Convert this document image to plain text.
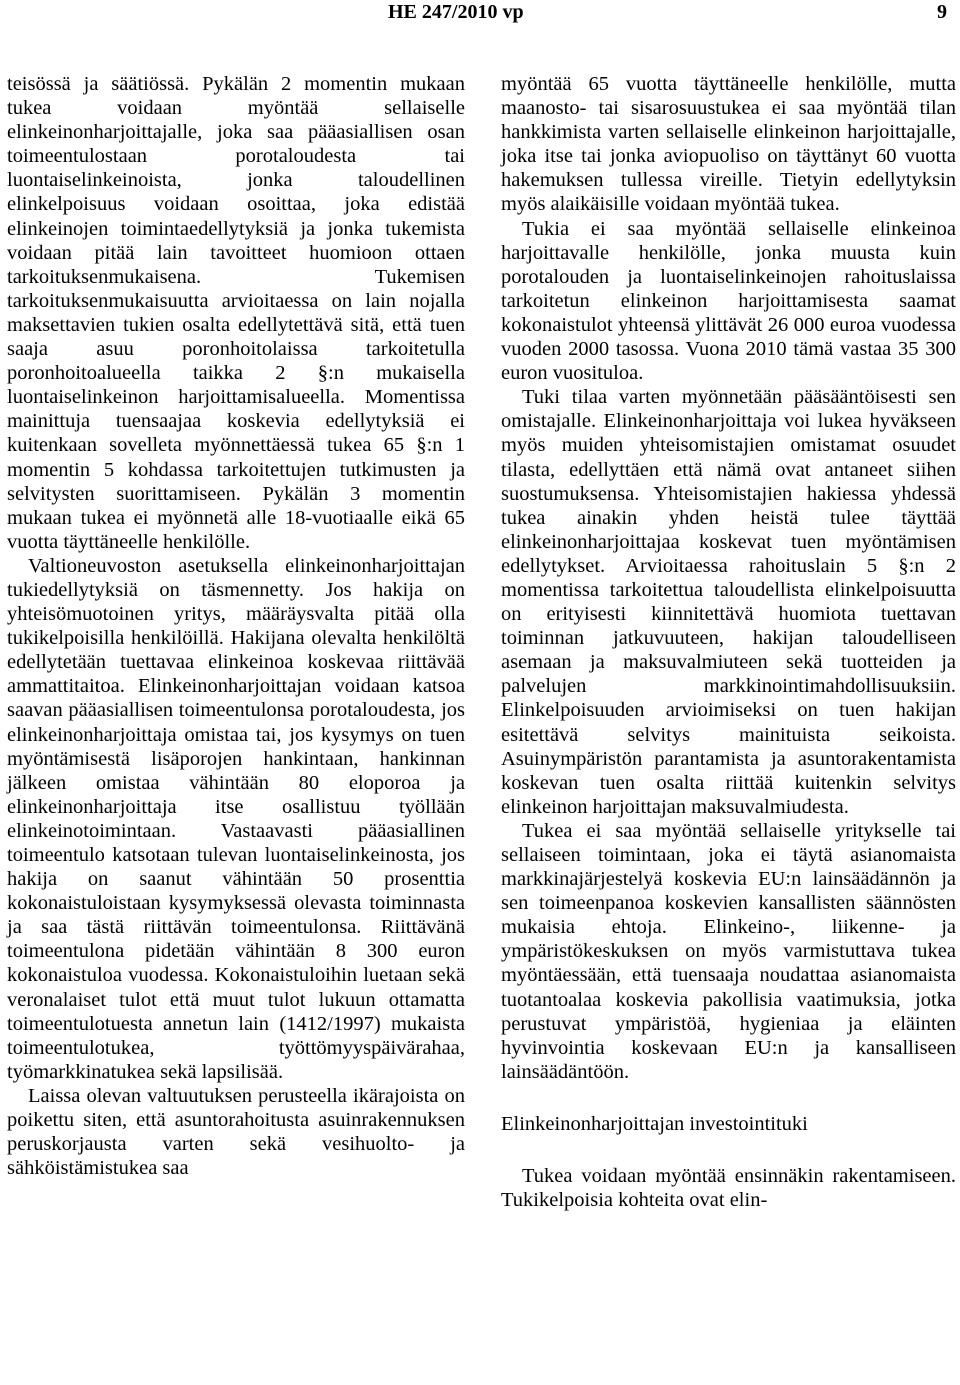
HE 247/2010 vp	9

teisössä ja säätiössä. Pykälän 2 momentin mukaan tukea voidaan myöntää sellaiselle elinkeinonharjoittajalle, joka saa pääasiallisen osan toimeentulostaan porotaloudesta tai luontaiselinkeinoista, jonka taloudellinen elinkelpoisuus voidaan osoittaa, joka edistää elinkeinojen toimintaedellytyksiä ja jonka tukemista voidaan pitää lain tavoitteet huomioon ottaen tarkoituksenmukaisena. Tukemisen tarkoituksenmukaisuutta arvioitaessa on lain nojalla maksettavien tukien osalta edellytettävä sitä, että tuen saaja asuu poronhoitolaissa tarkoitetulla poronhoitoalueella taikka 2 §:n mukaisella luontaiselinkeinon harjoittamisalueella. Momentissa mainittuja tuensaajaa koskevia edellytyksiä ei kuitenkaan sovelleta myönnettäessä tukea 65 §:n 1 momentin 5 kohdassa tarkoitettujen tutkimusten ja selvitysten suorittamiseen. Pykälän 3 momentin mukaan tukea ei myönnetä alle 18-vuotiaalle eikä 65 vuotta täyttäneelle henkilölle.

Valtioneuvoston asetuksella elinkeinonharjoittajan tukiedellytyksiä on täsmennetty. Jos hakija on yhteisömuotoinen yritys, määräysvalta pitää olla tukikelpoisilla henkilöillä. Hakijana olevalta henkilöltä edellytetään tuettavaa elinkeinoa koskevaa riittävää ammattitaitoa. Elinkeinonharjoittajan voidaan katsoa saavan pääasiallisen toimeentulonsa porotaloudesta, jos elinkeinonharjoittaja omistaa tai, jos kysymys on tuen myöntämisestä lisäporojen hankintaan, hankinnan jälkeen omistaa vähintään 80 eloporoa ja elinkeinonharjoittaja itse osallistuu työllään elinkeinotoimintaan. Vastaavasti pääasiallinen toimeentulo katsotaan tulevan luontaiselinkeinosta, jos hakija on saanut vähintään 50 prosenttia kokonaistuloistaan kysymyksessä olevasta toiminnasta ja saa tästä riittävän toimeentulonsa. Riittävänä toimeentulona pidetään vähintään 8 300 euron kokonaistuloa vuodessa. Kokonaistuloihin luetaan sekä veronalaiset tulot että muut tulot lukuun ottamatta toimeentulotuesta annetun lain (1412/1997) mukaista toimeentulotukea, työttömyyspäivärahaa, työmarkkinatukea sekä lapsilisää.

Laissa olevan valtuutuksen perusteella ikärajoista on poikettu siten, että asuntorahoitusta asuinrakennuksen peruskorjausta varten sekä vesihuolto- ja sähköistämistukea saa

myöntää 65 vuotta täyttäneelle henkilölle, mutta maanosto- tai sisarosuustukea ei saa myöntää tilan hankkimista varten sellaiselle elinkeinon harjoittajalle, joka itse tai jonka aviopuoliso on täyttänyt 60 vuotta hakemuksen tullessa vireille. Tietyin edellytyksin myös alaikäisille voidaan myöntää tukea.

Tukia ei saa myöntää sellaiselle elinkeinoa harjoittavalle henkilölle, jonka muusta kuin porotalouden ja luontaiselinkeinojen rahoituslaissa tarkoitetun elinkeinon harjoittamisesta saamat kokonaistulot yhteensä ylittävät 26 000 euroa vuodessa vuoden 2000 tasossa. Vuona 2010 tämä vastaa 35 300 euron vuosituloa.

Tuki tilaa varten myönnetään pääsääntöisesti sen omistajalle. Elinkeinonharjoittaja voi lukea hyväkseen myös muiden yhteisomistajien omistamat osuudet tilasta, edellyttäen että nämä ovat antaneet siihen suostumuksensa. Yhteisomistajien hakiessa yhdessä tukea ainakin yhden heistä tulee täyttää elinkeinonharjoittajaa koskevat tuen myöntämisen edellytykset. Arvioitaessa rahoituslain 5 §:n 2 momentissa tarkoitettua taloudellista elinkelpoisuutta on erityisesti kiinnitettävä huomiota tuettavan toiminnan jatkuvuuteen, hakijan taloudelliseen asemaan ja maksuvalmiuteen sekä tuotteiden ja palvelujen markkinointimahdollisuuksiin. Elinkelpoisuuden arvioimiseksi on tuen hakijan esitettävä selvitys mainituista seikoista. Asuinympäristön parantamista ja asuntorakentamista koskevan tuen osalta riittää kuitenkin selvitys elinkeinon harjoittajan maksuvalmiudesta.

Tukea ei saa myöntää sellaiselle yritykselle tai sellaiseen toimintaan, joka ei täytä asianomaista markkinajärjestelyä koskevia EU:n lainsäädännön ja sen toimeenpanoa koskevien kansallisten säännösten mukaisia ehtoja. Elinkeino-, liikenne- ja ympäristökeskuksen on myös varmistuttava tukea myöntäessään, että tuensaaja noudattaa asianomaista tuotantoalaa koskevia pakollisia vaatimuksia, jotka perustuvat ympäristöä, hygieniaa ja eläinten hyvinvointia koskevaan EU:n ja kansalliseen lainsäädäntöön.

Elinkeinonharjoittajan investointituki

Tukea voidaan myöntää ensinnäkin rakentamiseen. Tukikelpoisia kohteita ovat elin-
